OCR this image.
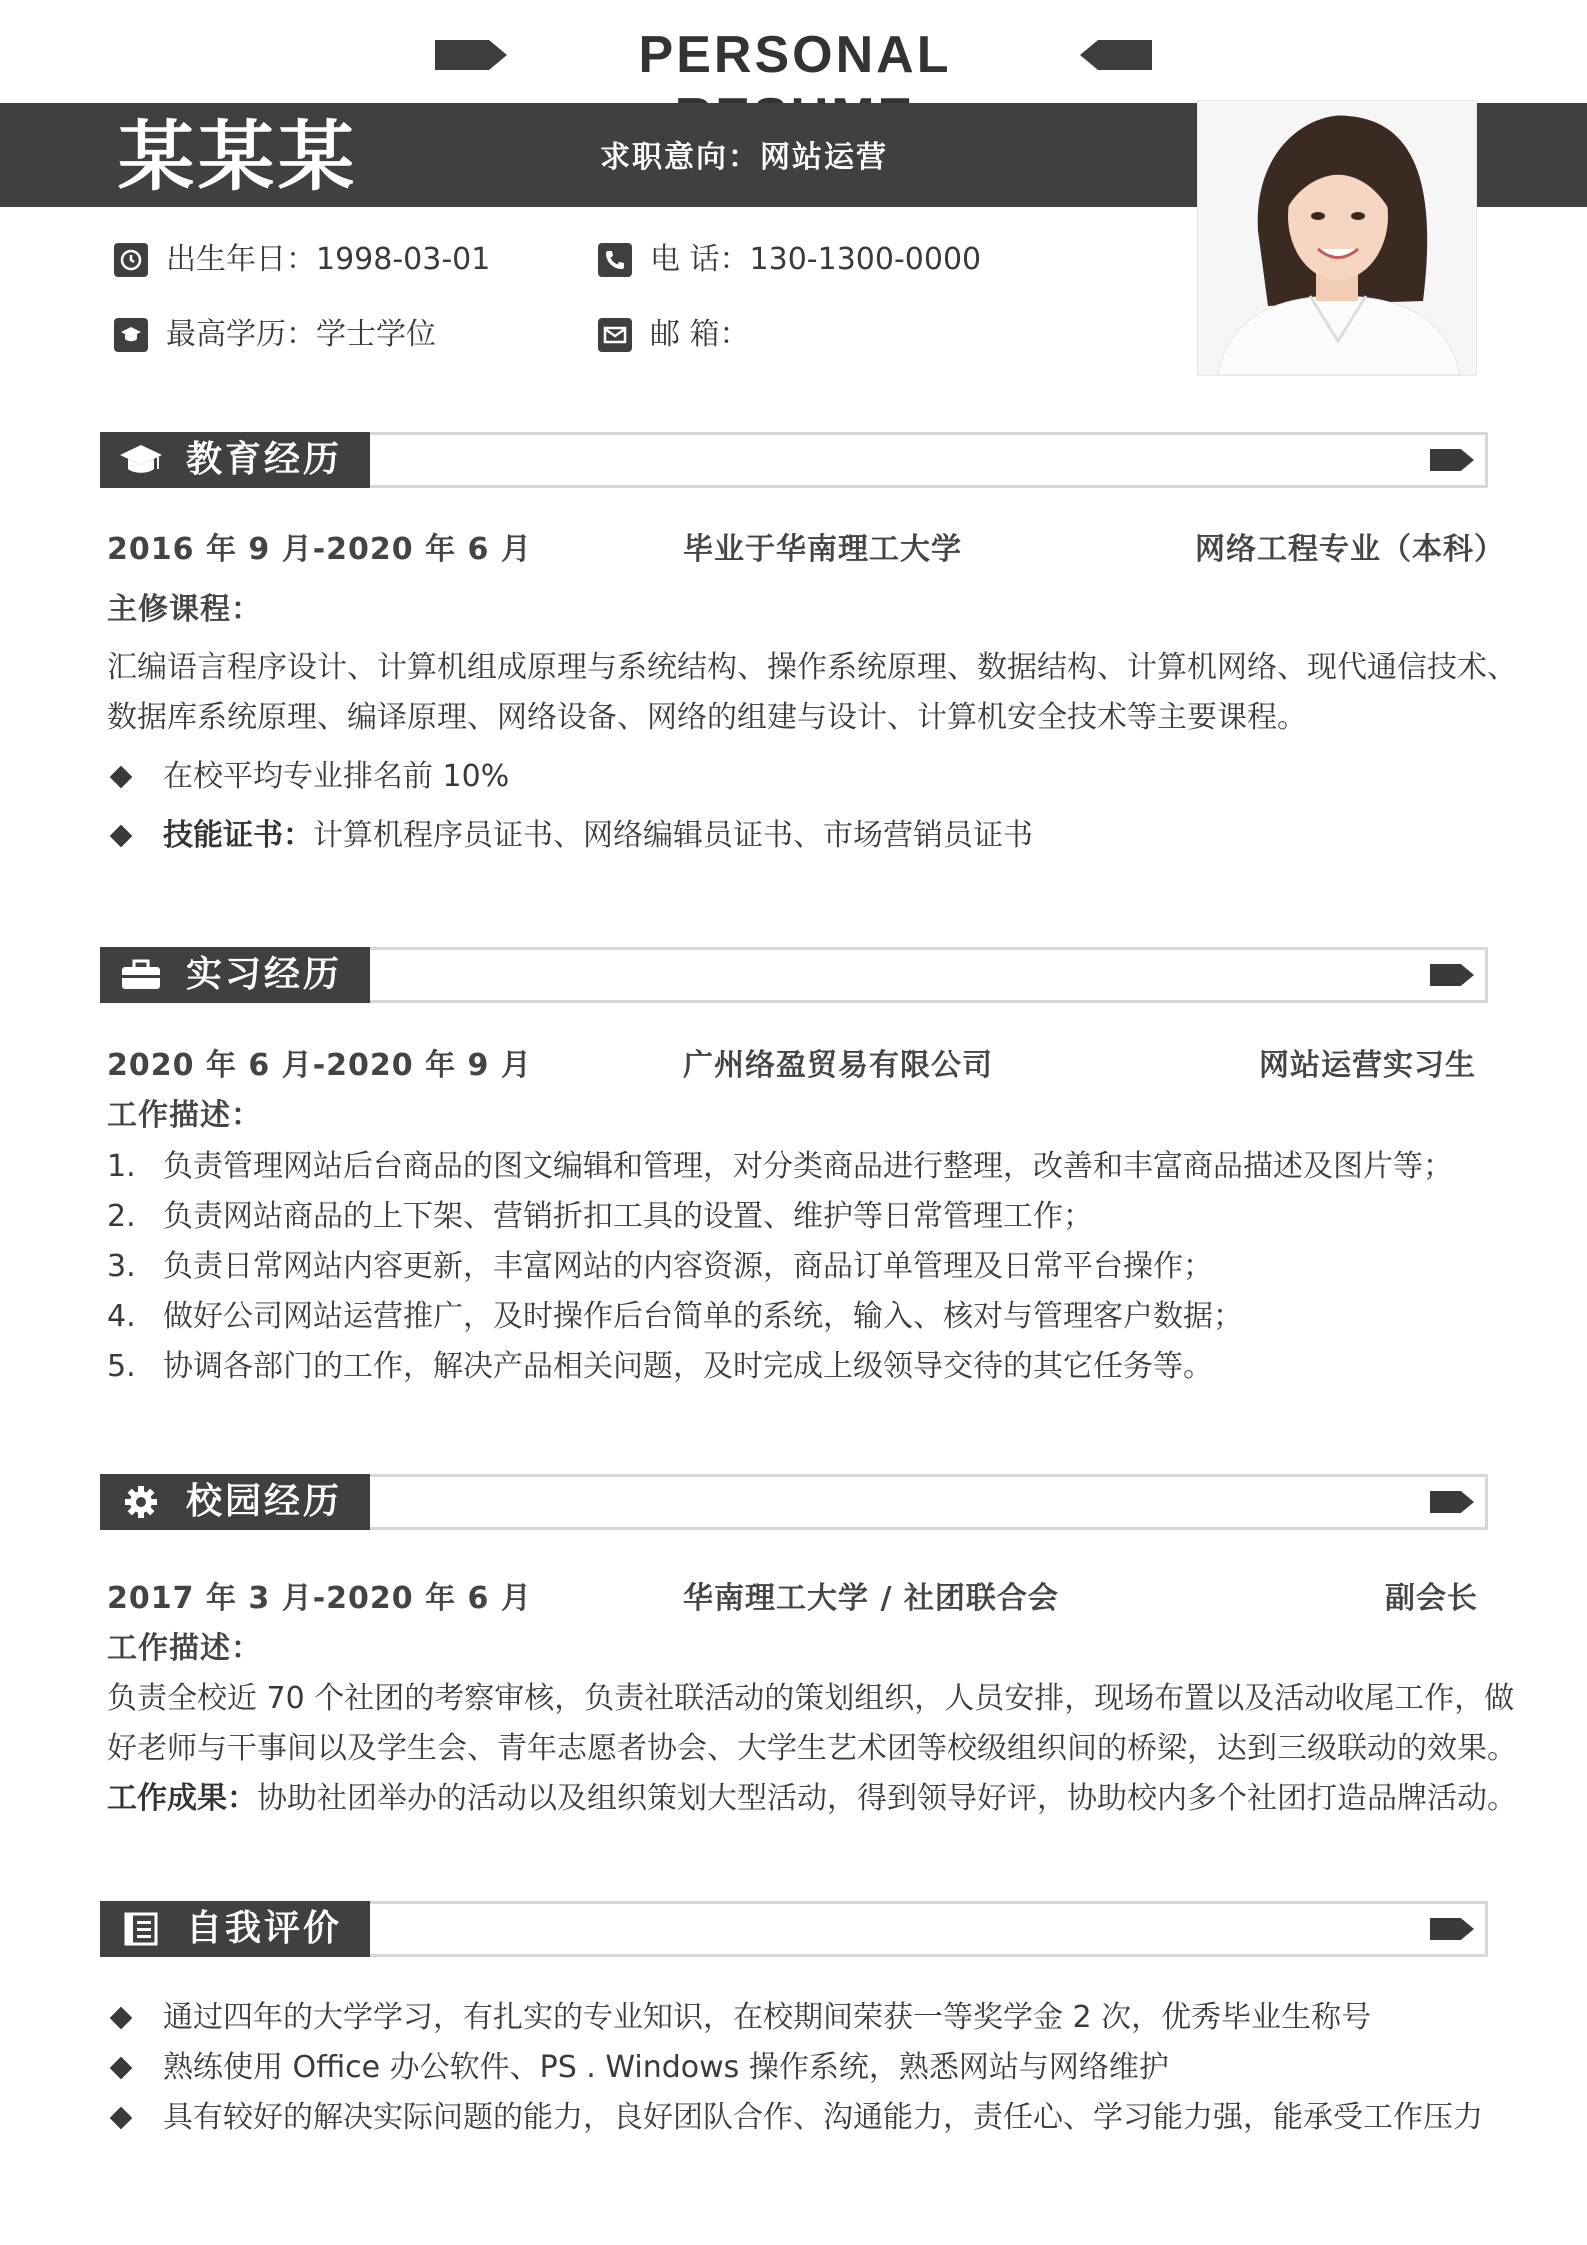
PERSONAL
某某某	求职意向：网站运营
出生年日：1998-03-01	电 话：130-1300-0000
最高学历：学士学位	邮 箱：
教育经历
2016 年 9 月-2020 年 6 月	毕业于华南理工大学	网络工程专业（本科）
主修课程：
汇编语言程序设计、计算机组成原理与系统结构、操作系统原理、数据结构、计算机网络、现代通信技术、
数据库系统原理、编译原理、网络设备、网络的组建与设计、计算机安全技术等主要课程。
在校平均专业排名前 10%
技能证书：计算机程序员证书、网络编辑员证书、市场营销员证书
实习经历
2020 年 6 月-2020 年 9 月	广州络盈贸易有限公司	网站运营实习生
工作描述：
1. 负责管理网站后台商品的图文编辑和管理，对分类商品进行整理，改善和丰富商品描述及图片等；
2. 负责网站商品的上下架、营销折扣工具的设置、维护等日常管理工作；
3. 负责日常网站内容更新，丰富网站的内容资源，商品订单管理及日常平台操作；
4. 做好公司网站运营推广，及时操作后台简单的系统，输入、核对与管理客户数据；
5. 协调各部门的工作，解决产品相关问题，及时完成上级领导交待的其它任务等。
校园经历
2017 年 3 月-2020 年 6 月	华南理工大学 / 社团联合会	副会长
工作描述：
负责全校近 70 个社团的考察审核，负责社联活动的策划组织，人员安排，现场布置以及活动收尾工作，做
好老师与干事间以及学生会、青年志愿者协会、大学生艺术团等校级组织间的桥梁，达到三级联动的效果。
工作成果：协助社团举办的活动以及组织策划大型活动，得到领导好评，协助校内多个社团打造品牌活动。
自我评价
通过四年的大学学习，有扎实的专业知识，在校期间荣获一等奖学金 2 次，优秀毕业生称号
熟练使用 Office 办公软件、PS . Windows 操作系统，熟悉网站与网络维护
具有较好的解决实际问题的能力，良好团队合作、沟通能力，责任心、学习能力强，能承受工作压力
